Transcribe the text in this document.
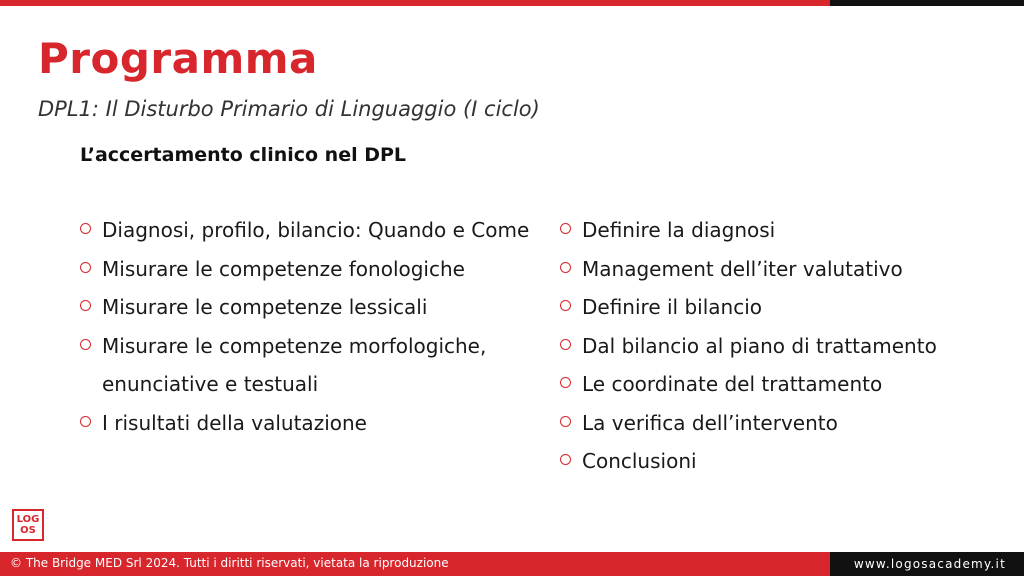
Programma

DPL1: Il Disturbo Primario di Linguaggio (I ciclo)

L’accertamento clinico nel DPL

Diagnosi, profilo, bilancio: Quando e Come
Misurare le competenze fonologiche
Misurare le competenze lessicali
Misurare le competenze morfologiche, enunciative e testuali
I risultati della valutazione
Definire la diagnosi
Management dell’iter valutativo
Definire il bilancio
Dal bilancio al piano di trattamento
Le coordinate del trattamento
La verifica dell’intervento
Conclusioni
LOG
OS
© The Bridge MED Srl 2024. Tutti i diritti riservati, vietata la riproduzione	www.logosacademy.it
